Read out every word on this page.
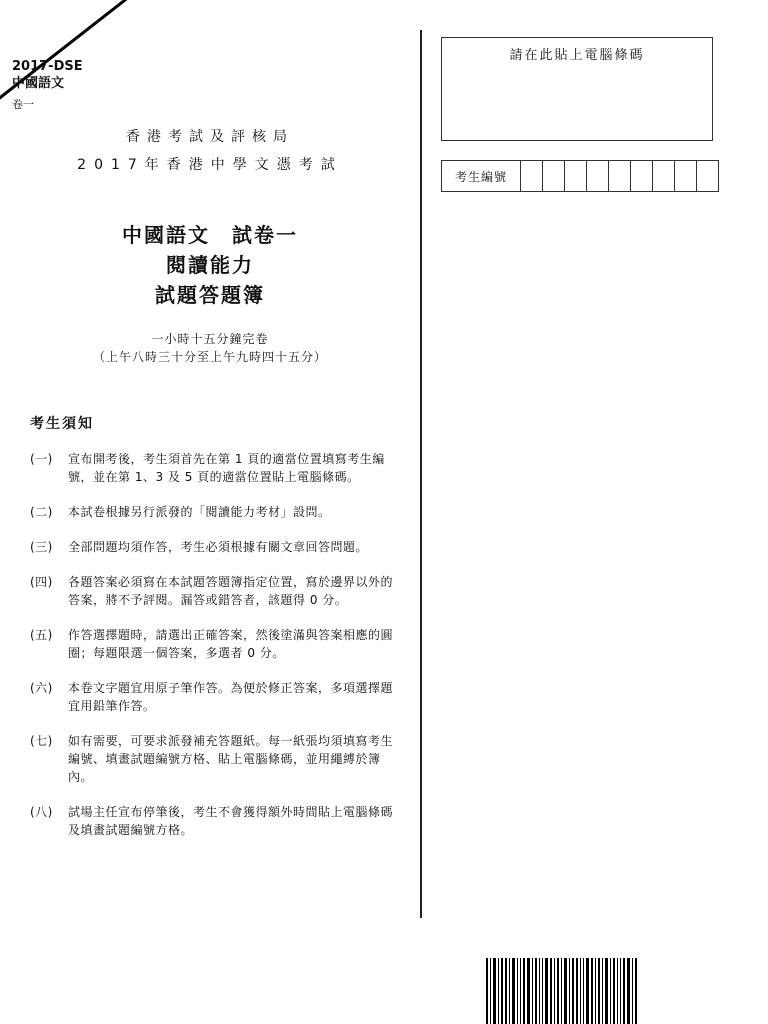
2017-DSE
中國語文
卷一
香港考試及評核局
2017年香港中學文憑考試
中國語文　試卷一
閱讀能力
試題答題簿
一小時十五分鐘完卷
（上午八時三十分至上午九時四十五分）
考生須知
(一)	宣布開考後，考生須首先在第 1 頁的適當位置填寫考生編號，並在第 1、3 及 5 頁的適當位置貼上電腦條碼。
(二)	本試卷根據另行派發的「閱讀能力考材」設問。
(三)	全部問題均須作答，考生必須根據有關文章回答問題。
(四)	各題答案必須寫在本試題答題簿指定位置，寫於邊界以外的答案，將不予評閱。漏答或錯答者，該題得 0 分。
(五)	作答選擇題時，請選出正確答案，然後塗滿與答案相應的圓圈；每題限選一個答案，多選者 0 分。
(六)	本卷文字題宜用原子筆作答。為便於修正答案，多項選擇題宜用鉛筆作答。
(七)	如有需要，可要求派發補充答題紙。每一紙張均須填寫考生編號、填畫試題編號方格、貼上電腦條碼，並用繩縛於簿內。
(八)	試場主任宣布停筆後，考生不會獲得額外時間貼上電腦條碼及填畫試題編號方格。
請在此貼上電腦條碼
考生編號
